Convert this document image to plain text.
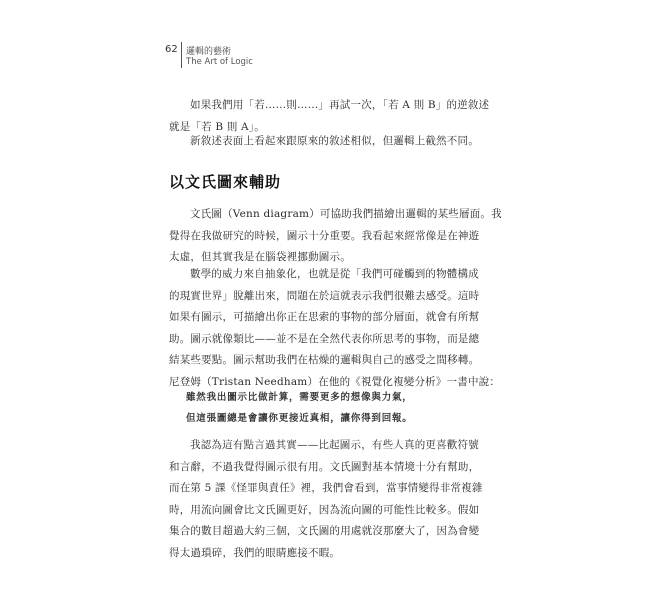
62 邏輯的藝術
The Art of Logic
如果我們用「若……則……」再試一次，「若 A 則 B」的逆敘述
就是「若 B 則 A」。
新敘述表面上看起來跟原來的敘述相似，但邏輯上截然不同。
以文氏圖來輔助
文氏圖（Venn diagram）可協助我們描繪出邏輯的某些層面。我
覺得在我做研究的時候，圖示十分重要。我看起來經常像是在神遊
太虛，但其實我是在腦袋裡挪動圖示。
數學的威力來自抽象化，也就是從「我們可碰觸到的物體構成
的現實世界」脫離出來，問題在於這就表示我們很難去感受。這時
如果有圖示，可描繪出你正在思索的事物的部分層面，就會有所幫
助。圖示就像類比——並不是在全然代表你所思考的事物，而是總
結某些要點。圖示幫助我們在枯燥的邏輯與自己的感受之間移轉。
尼登姆（Tristan Needham）在他的《視覺化複變分析》一書中說：
雖然我出圖示比做計算，需要更多的想像與力氣，
但這張圖總是會讓你更接近真相，讓你得到回報。
我認為這有點言過其實——比起圖示，有些人真的更喜歡符號
和言辭，不過我覺得圖示很有用。文氏圖對基本情境十分有幫助，
而在第 5 課《怪罪與責任》裡，我們會看到，當事情變得非常複雜
時，用流向圖會比文氏圖更好，因為流向圖的可能性比較多。假如
集合的數目超過大約三個，文氏圖的用處就沒那麼大了，因為會變
得太過瑣碎，我們的眼睛應接不暇。
